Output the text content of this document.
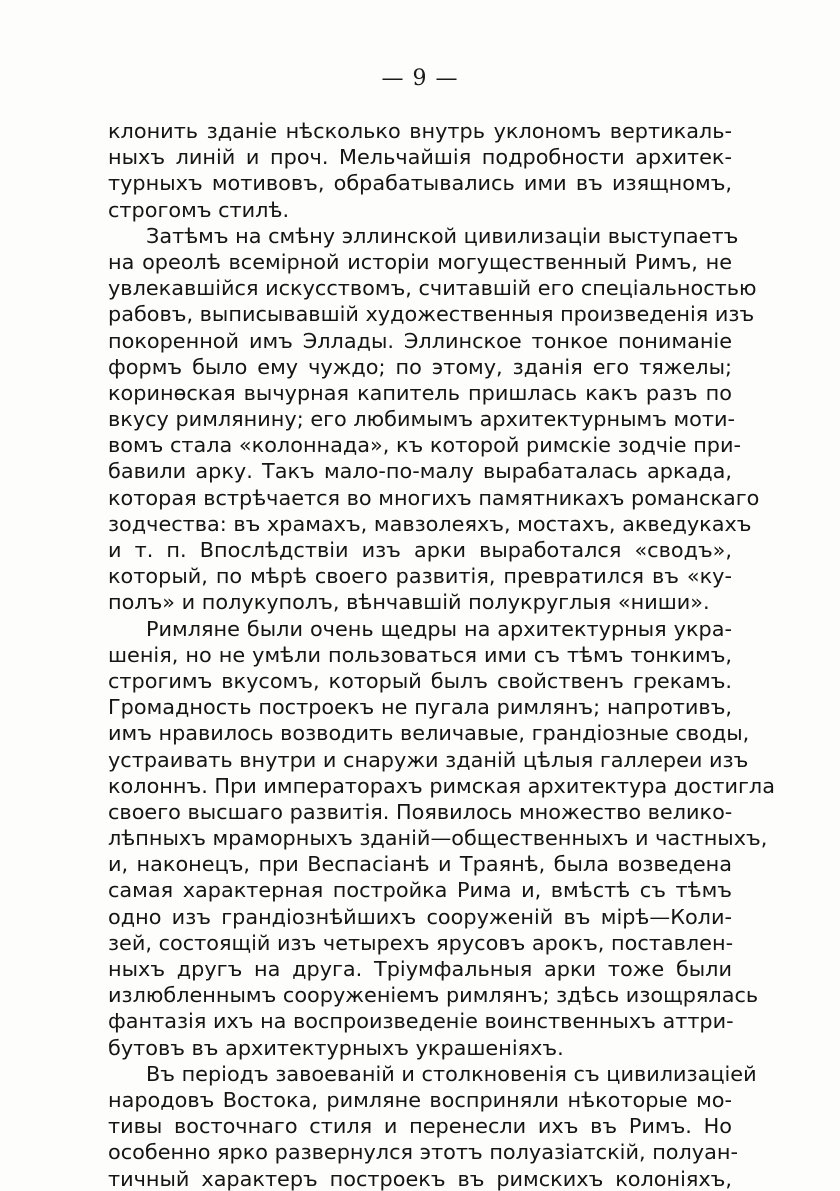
— 9 —
клонить зданіе нѣсколько внутрь уклономъ вертикаль-
ныхъ линій и проч. Мельчайшія подробности архитек-
турныхъ мотивовъ, обрабатывались ими въ изящномъ,
строгомъ стилѣ.
Затѣмъ на смѣну эллинской цивилизаціи выступаетъ
на ореолѣ всемірной исторіи могущественный Римъ, не
увлекавшійся искусствомъ, считавшій его спеціальностью
рабовъ, выписывавшій художественныя произведенія изъ
покоренной имъ Эллады. Эллинское тонкое пониманіе
формъ было ему чуждо; по этому, зданія его тяжелы;
коринѳская вычурная капитель пришлась какъ разъ по
вкусу римлянину; его любимымъ архитектурнымъ моти-
вомъ стала «колоннада», къ которой римскіе зодчіе при-
бавили арку. Такъ мало-по-малу вырабаталась аркада,
которая встрѣчается во многихъ памятникахъ романскаго
зодчества: въ храмахъ, мавзолеяхъ, мостахъ, акведукахъ
и т. п. Впослѣдствіи изъ арки выработался «сводъ»,
который, по мѣрѣ своего развитія, превратился въ «ку-
полъ» и полукуполъ, вѣнчавшій полукруглыя «ниши».
Римляне были очень щедры на архитектурныя укра-
шенія, но не умѣли пользоваться ими съ тѣмъ тонкимъ,
строгимъ вкусомъ, который былъ свойственъ грекамъ.
Громадность построекъ не пугала римлянъ; напротивъ,
имъ нравилось возводить величавые, грандіозные своды,
устраивать внутри и снаружи зданій цѣлыя галлереи изъ
колоннъ. При императорахъ римская архитектура достигла
своего высшаго развитія. Появилось множество велико-
лѣпныхъ мраморныхъ зданій—общественныхъ и частныхъ,
и, наконецъ, при Веспасіанѣ и Траянѣ, была возведена
самая характерная постройка Рима и, вмѣстѣ съ тѣмъ
одно изъ грандіознѣйшихъ сооруженій въ мірѣ—Коли-
зей, состоящій изъ четырехъ ярусовъ арокъ, поставлен-
ныхъ другъ на друга. Тріумфальныя арки тоже были
излюбленнымъ сооруженіемъ римлянъ; здѣсь изощрялась
фантазія ихъ на воспроизведеніе воинственныхъ аттри-
бутовъ въ архитектурныхъ украшеніяхъ.
Въ періодъ завоеваній и столкновенія съ цивилизаціей
народовъ Востока, римляне восприняли нѣкоторые мо-
тивы восточнаго стиля и перенесли ихъ въ Римъ. Но
особенно ярко развернулся этотъ полуазіатскій, полуан-
тичный характеръ построекъ въ римскихъ колоніяхъ,
